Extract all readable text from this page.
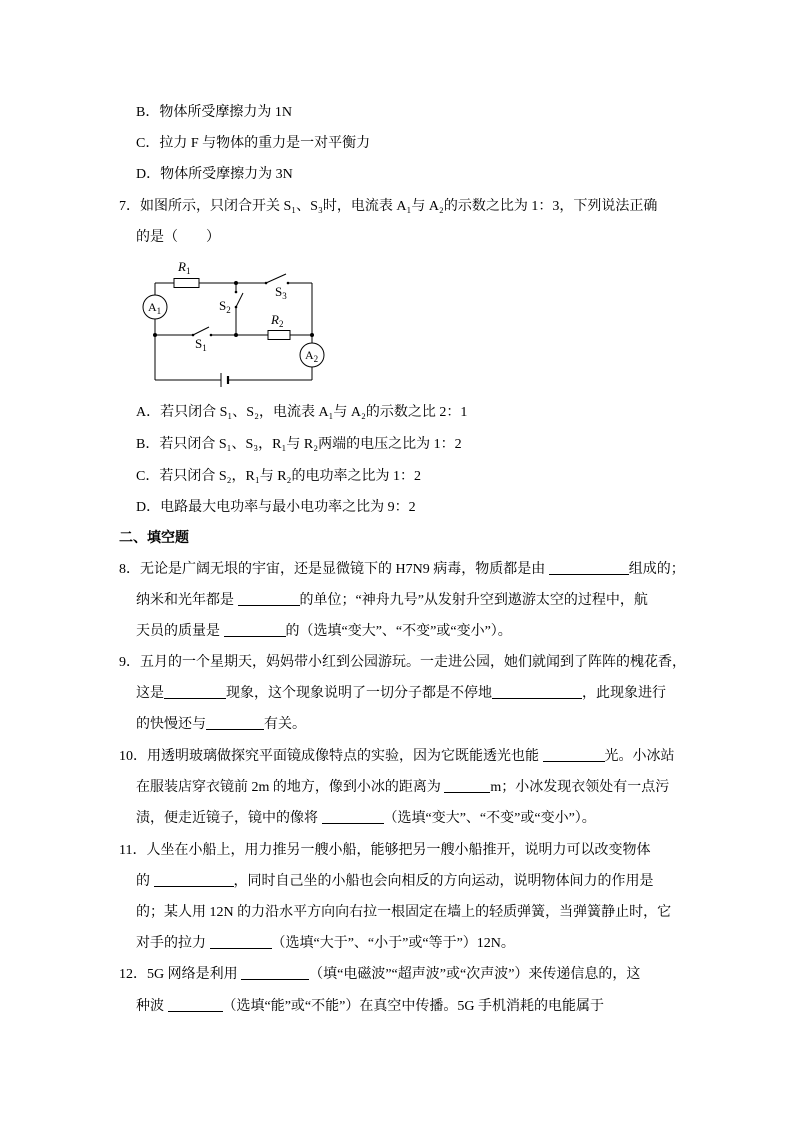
B．物体所受摩擦力为 1N
C．拉力 F 与物体的重力是一对平衡力
D．物体所受摩擦力为 3N
7．如图所示，只闭合开关 S₁、S₃时，电流表 A₁与 A₂的示数之比为 1：3，下列说法正确
的是（　　）
$A_1$
$A_2$
$R_1$
$R_2$
$S_3$
$S_2$
$S_1$
A．若只闭合 S₁、S₂，电流表 A₁与 A₂的示数之比 2：1
B．若只闭合 S₁、S₃，R₁与 R₂两端的电压之比为 1：2
C．若只闭合 S₂，R₁与 R₂的电功率之比为 1：2
D．电路最大电功率与最小电功率之比为 9：2
二、填空题
8．无论是广阔无垠的宇宙，还是显微镜下的 H7N9 病毒，物质都是由	组成的；
纳米和光年都是	的单位；“神舟九号”从发射升空到遨游太空的过程中，航
天员的质量是	的（选填“变大”、“不变”或“变小”）。
9．五月的一个星期天，妈妈带小红到公园游玩。一走进公园，她们就闻到了阵阵的槐花香，
这是	现象，这个现象说明了一切分子都是不停地	，此现象进行
的快慢还与	有关。
10．用透明玻璃做探究平面镜成像特点的实验，因为它既能透光也能	光。小冰站
在服装店穿衣镜前 2m 的地方，像到小冰的距离为	m；小冰发现衣领处有一点污
渍，便走近镜子，镜中的像将	（选填“变大”、“不变”或“变小”）。
11．人坐在小船上，用力推另一艘小船，能够把另一艘小船推开，说明力可以改变物体
的	，同时自己坐的小船也会向相反的方向运动，说明物体间力的作用是
的；某人用 12N 的力沿水平方向向右拉一根固定在墙上的轻质弹簧，当弹簧静止时，它
对手的拉力	（选填“大于”、“小于”或“等于”）12N。
12．5G 网络是利用	（填“电磁波”“超声波”或“次声波”）来传递信息的，这
种波	（选填“能”或“不能”）在真空中传播。5G 手机消耗的电能属于
